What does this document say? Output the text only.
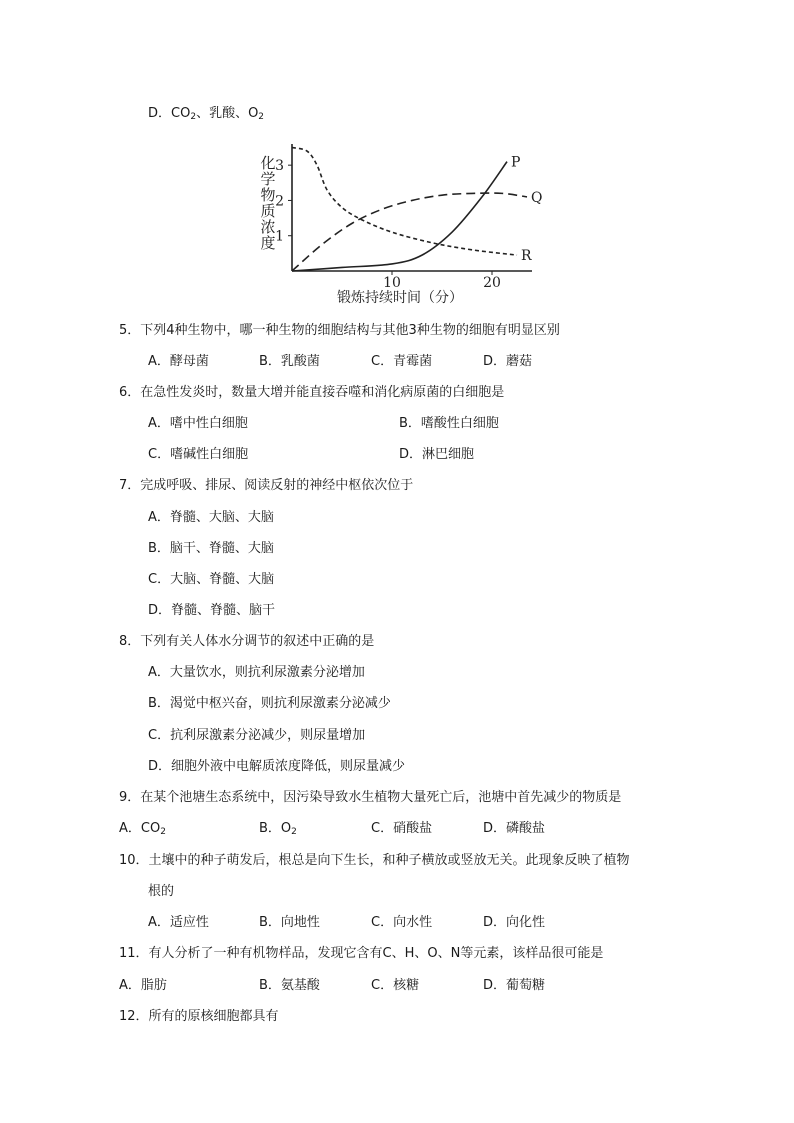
D．$CO_2$、乳酸、$O_2$
化
学
物
质
浓
度 1
2
3
10	20
P
Q
R
锻炼持续时间（分）
5．下列4种生物中，哪一种生物的细胞结构与其他3种生物的细胞有明显区别
A．酵母菌	B．乳酸菌	C．青霉菌	D．蘑菇
6．在急性发炎时，数量大增并能直接吞噬和消化病原菌的白细胞是
A．嗜中性白细胞	B．嗜酸性白细胞
C．嗜碱性白细胞	D．淋巴细胞
7．完成呼吸、排尿、阅读反射的神经中枢依次位于
A．脊髓、大脑、大脑
B．脑干、脊髓、大脑
C．大脑、脊髓、大脑
D．脊髓、脊髓、脑干
8．下列有关人体水分调节的叙述中正确的是
A．大量饮水，则抗利尿激素分泌增加
B．渴觉中枢兴奋，则抗利尿激素分泌减少
C．抗利尿激素分泌减少，则尿量增加
D．细胞外液中电解质浓度降低，则尿量减少
9．在某个池塘生态系统中，因污染导致水生植物大量死亡后，池塘中首先减少的物质是
A．$CO_2$	B．$O_2$	C．硝酸盐	D．磷酸盐
10．土壤中的种子萌发后，根总是向下生长，和种子横放或竖放无关。此现象反映了植物
根的
A．适应性	B．向地性	C．向水性	D．向化性
11．有人分析了一种有机物样品，发现它含有C、H、O、N等元素，该样品很可能是
A．脂肪	B．氨基酸	C．核糖	D．葡萄糖
12．所有的原核细胞都具有
